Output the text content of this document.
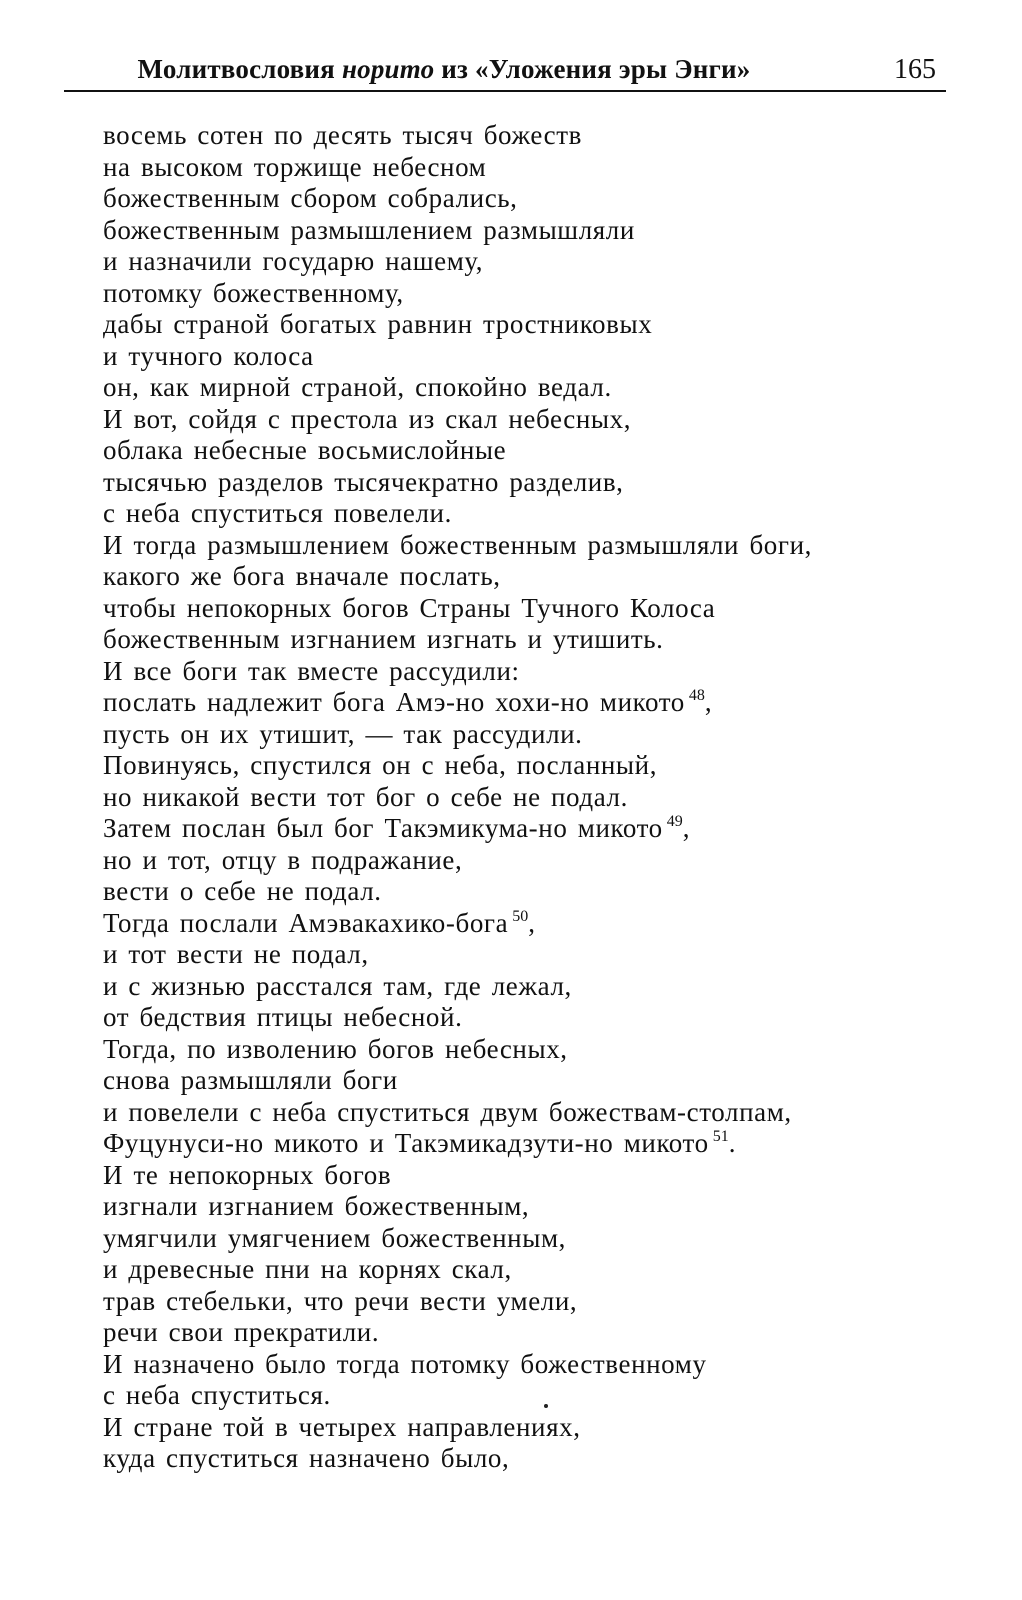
Молитвословия норито из «Уложения эры Энги»	165
восемь сотен по десять тысяч божеств
на высоком торжище небесном
божественным сбором собрались,
божественным размышлением размышляли
и назначили государю нашему,
потомку божественному,
дабы страной богатых равнин тростниковых
и тучного колоса
он, как мирной страной, спокойно ведал.
И вот, сойдя с престола из скал небесных,
облака небесные восьмислойные
тысячью разделов тысячекратно разделив,
с неба спуститься повелели.
И тогда размышлением божественным размышляли боги,
какого же бога вначале послать,
чтобы непокорных богов Страны Тучного Колоса
божественным изгнанием изгнать и утишить.
И все боги так вместе рассудили:
послать надлежит бога Амэ-но хохи-но микото $^{48}$,
пусть он их утишит, — так рассудили.
Повинуясь, спустился он с неба, посланный,
но никакой вести тот бог о себе не подал.
Затем послан был бог Такэмикума-но микото $^{49}$,
но и тот, отцу в подражание,
вести о себе не подал.
Тогда послали Амэвакахико-бога $^{50}$,
и тот вести не подал,
и с жизнью расстался там, где лежал,
от бедствия птицы небесной.
Тогда, по изволению богов небесных,
снова размышляли боги
и повелели с неба спуститься двум божествам-столпам,
Фуцунуси-но микото и Такэмикадзути-но микото $^{51}$.
И те непокорных богов
изгнали изгнанием божественным,
умягчили умягчением божественным,
и древесные пни на корнях скал,
трав стебельки, что речи вести умели,
речи свои прекратили.
И назначено было тогда потомку божественному
с неба спуститься.
И стране той в четырех направлениях,
куда спуститься назначено было,
